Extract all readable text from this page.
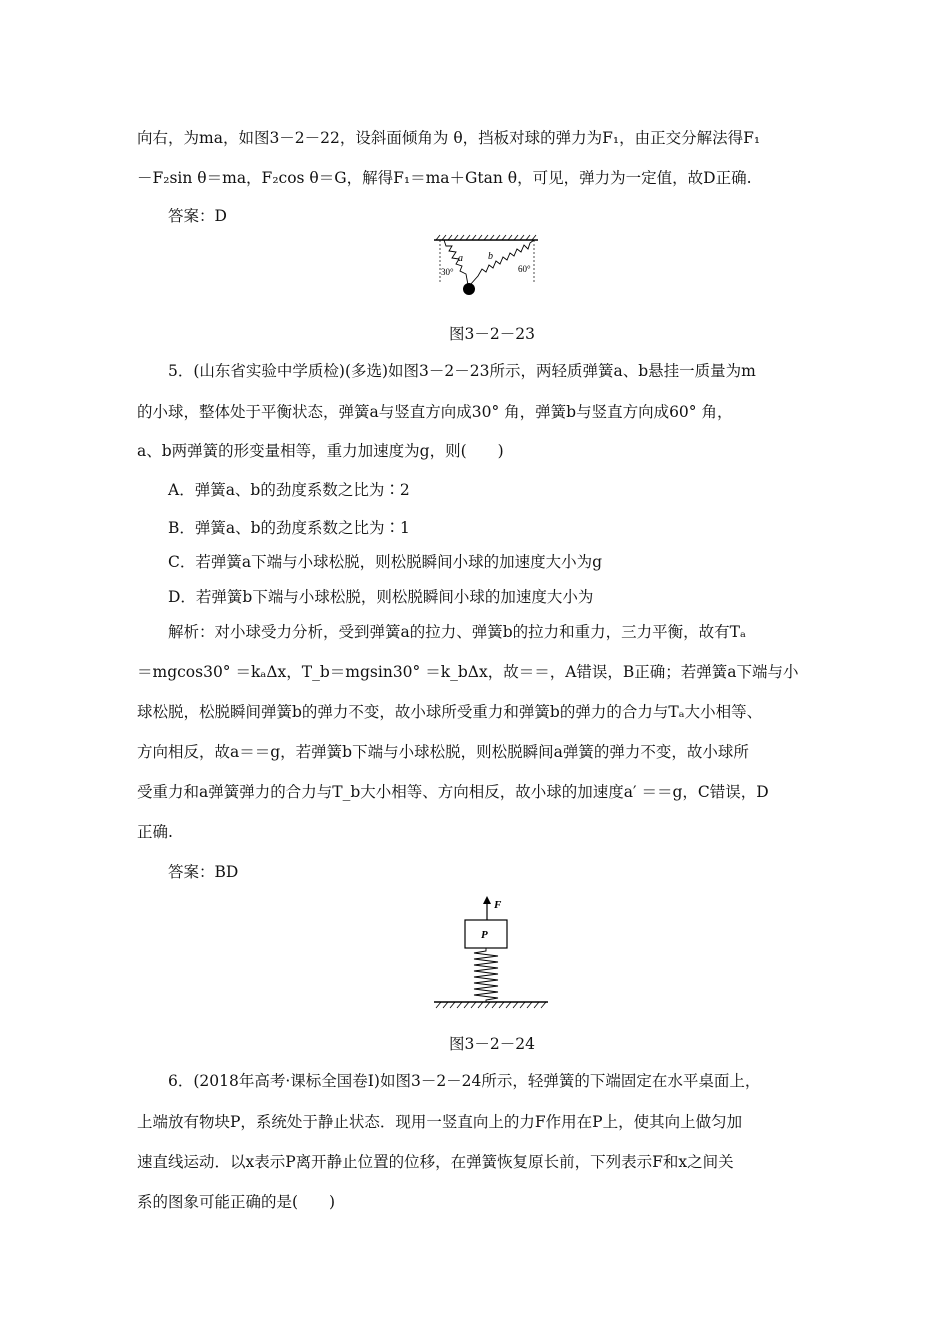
向右，为ma，如图3－2－22，设斜面倾角为 θ，挡板对球的弹力为F₁，由正交分解法得F₁
－F₂sin θ＝ma，F₂cos θ＝G，解得F₁＝ma＋Gtan θ，可见，弹力为一定值，故D正确.
答案：D
30°
a	b
60°
图3－2－23
5．(山东省实验中学质检)(多选)如图3－2－23所示，两轻质弹簧a、b悬挂一质量为m
的小球，整体处于平衡状态，弹簧a与竖直方向成30° 角，弹簧b与竖直方向成60° 角，
a、b两弹簧的形变量相等，重力加速度为g，则(　　)
A．弹簧a、b的劲度系数之比为∶2
B．弹簧a、b的劲度系数之比为∶1
C．若弹簧a下端与小球松脱，则松脱瞬间小球的加速度大小为g
D．若弹簧b下端与小球松脱，则松脱瞬间小球的加速度大小为
解析：对小球受力分析，受到弹簧a的拉力、弹簧b的拉力和重力，三力平衡，故有Tₐ
＝mgcos30° ＝kₐΔx，T_b＝mgsin30° ＝k_bΔx，故＝＝，A错误，B正确；若弹簧a下端与小
球松脱，松脱瞬间弹簧b的弹力不变，故小球所受重力和弹簧b的弹力的合力与Tₐ大小相等、
方向相反，故a＝＝g，若弹簧b下端与小球松脱，则松脱瞬间a弹簧的弹力不变，故小球所
受重力和a弹簧弹力的合力与T_b大小相等、方向相反，故小球的加速度a′ ＝＝g，C错误，D
正确.
答案：BD
F
P
图3－2－24
6．(2018年高考·课标全国卷Ⅰ)如图3－2－24所示，轻弹簧的下端固定在水平桌面上，
上端放有物块P，系统处于静止状态．现用一竖直向上的力F作用在P上，使其向上做匀加
速直线运动．以x表示P离开静止位置的位移，在弹簧恢复原长前，下列表示F和x之间关
系的图象可能正确的是(　　)
